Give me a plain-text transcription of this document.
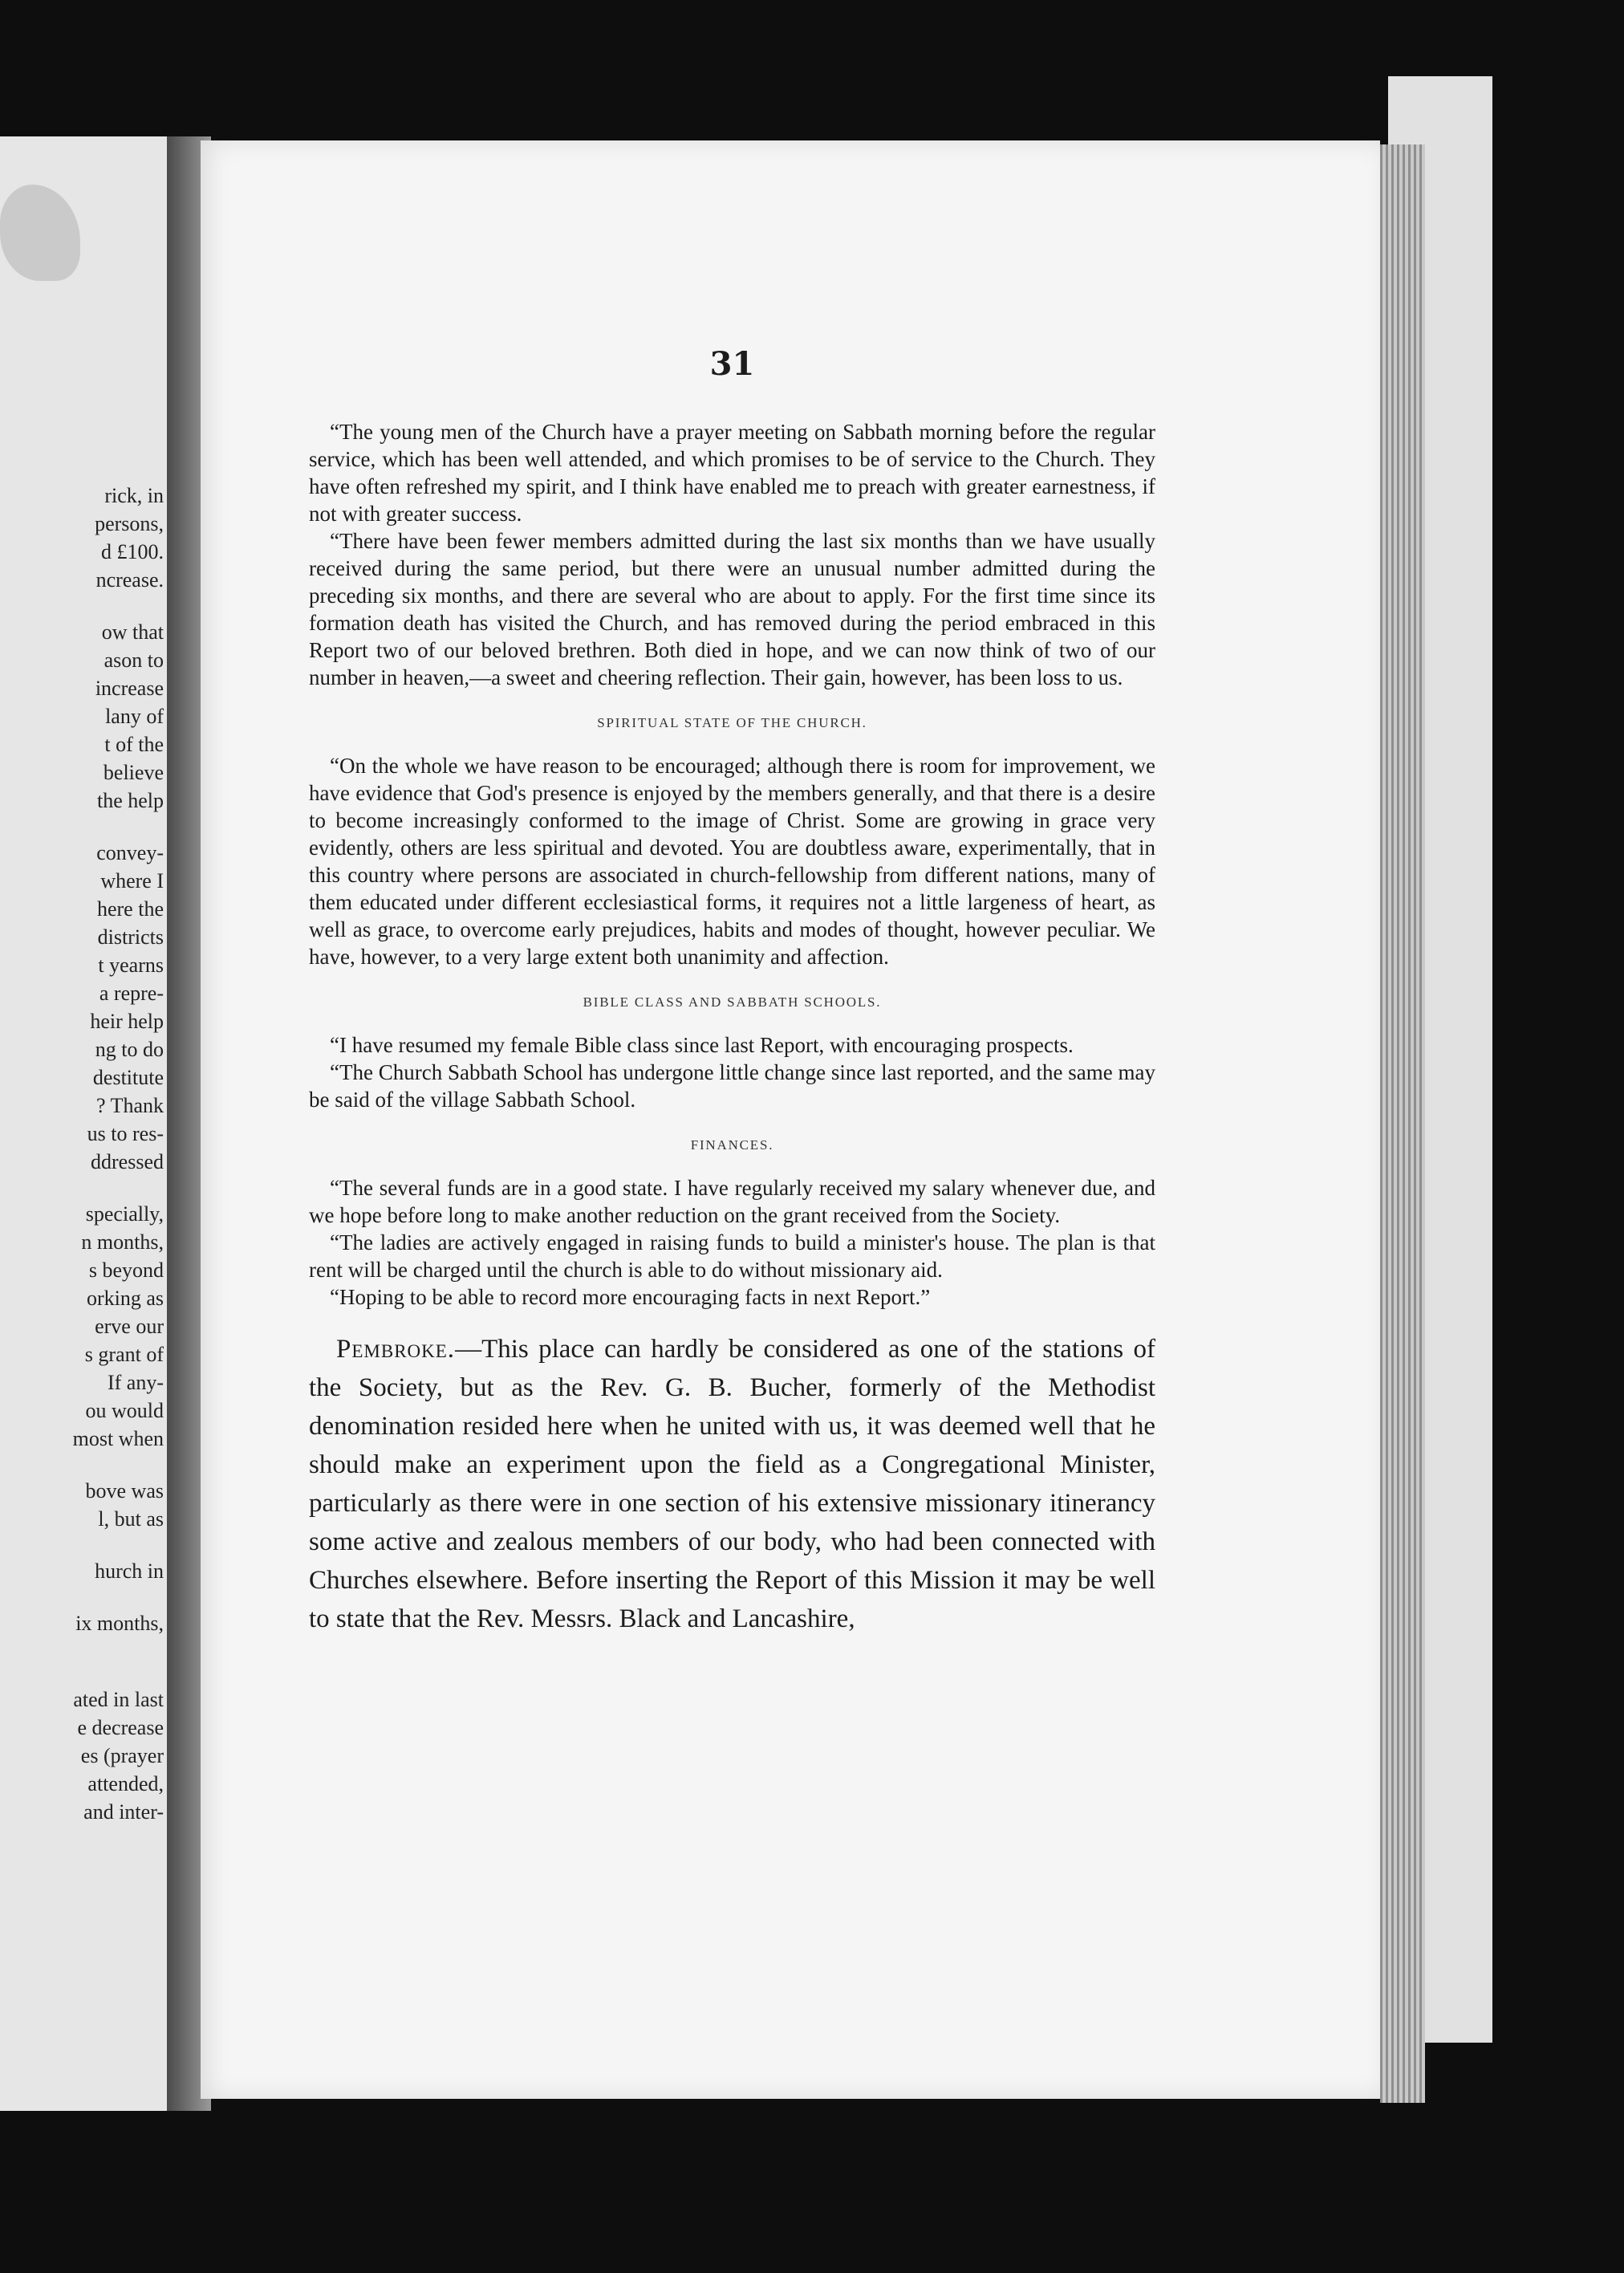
rick, in
persons,
d £100.
ncrease.
ow that
ason to
increase
lany of
t of the
believe
the help
convey-
where I
here the
districts
t yearns
a repre-
heir help
ng to do
destitute
? Thank
us to res-
ddressed
specially,
n months,
s beyond
orking as
erve our
s grant of
If any-
ou would
most when
bove was
l, but as
hurch in
ix months,
ated in last
e decrease
es (prayer
attended,
and inter-
31

“The young men of the Church have a prayer meeting on Sabbath morning before the regular service, which has been well attended, and which promises to be of service to the Church. They have often refreshed my spirit, and I think have enabled me to preach with greater earnestness, if not with greater success.

“There have been fewer members admitted during the last six months than we have usually received during the same period, but there were an unusual number admitted during the preceding six months, and there are several who are about to apply. For the first time since its formation death has visited the Church, and has removed during the period embraced in this Report two of our beloved brethren. Both died in hope, and we can now think of two of our number in heaven,—a sweet and cheering reflection. Their gain, however, has been loss to us.

SPIRITUAL STATE OF THE CHURCH.

“On the whole we have reason to be encouraged; although there is room for improvement, we have evidence that God's presence is enjoyed by the members generally, and that there is a desire to become increasingly conformed to the image of Christ. Some are growing in grace very evidently, others are less spiritual and devoted. You are doubtless aware, experimentally, that in this country where persons are associated in church-fellowship from different nations, many of them educated under different ecclesiastical forms, it requires not a little largeness of heart, as well as grace, to overcome early prejudices, habits and modes of thought, however peculiar. We have, however, to a very large extent both unanimity and affection.

BIBLE CLASS AND SABBATH SCHOOLS.

“I have resumed my female Bible class since last Report, with encouraging prospects.

“The Church Sabbath School has undergone little change since last reported, and the same may be said of the village Sabbath School.

FINANCES.

“The several funds are in a good state. I have regularly received my salary whenever due, and we hope before long to make another reduction on the grant received from the Society.

“The ladies are actively engaged in raising funds to build a minister's house. The plan is that rent will be charged until the church is able to do without missionary aid.

“Hoping to be able to record more encouraging facts in next Report.”

Pembroke.—This place can hardly be considered as one of the stations of the Society, but as the Rev. G. B. Bucher, formerly of the Methodist denomination resided here when he united with us, it was deemed well that he should make an experiment upon the field as a Congregational Minister, particularly as there were in one section of his extensive missionary itinerancy some active and zealous members of our body, who had been connected with Churches elsewhere. Before inserting the Report of this Mission it may be well to state that the Rev. Messrs. Black and Lancashire,
